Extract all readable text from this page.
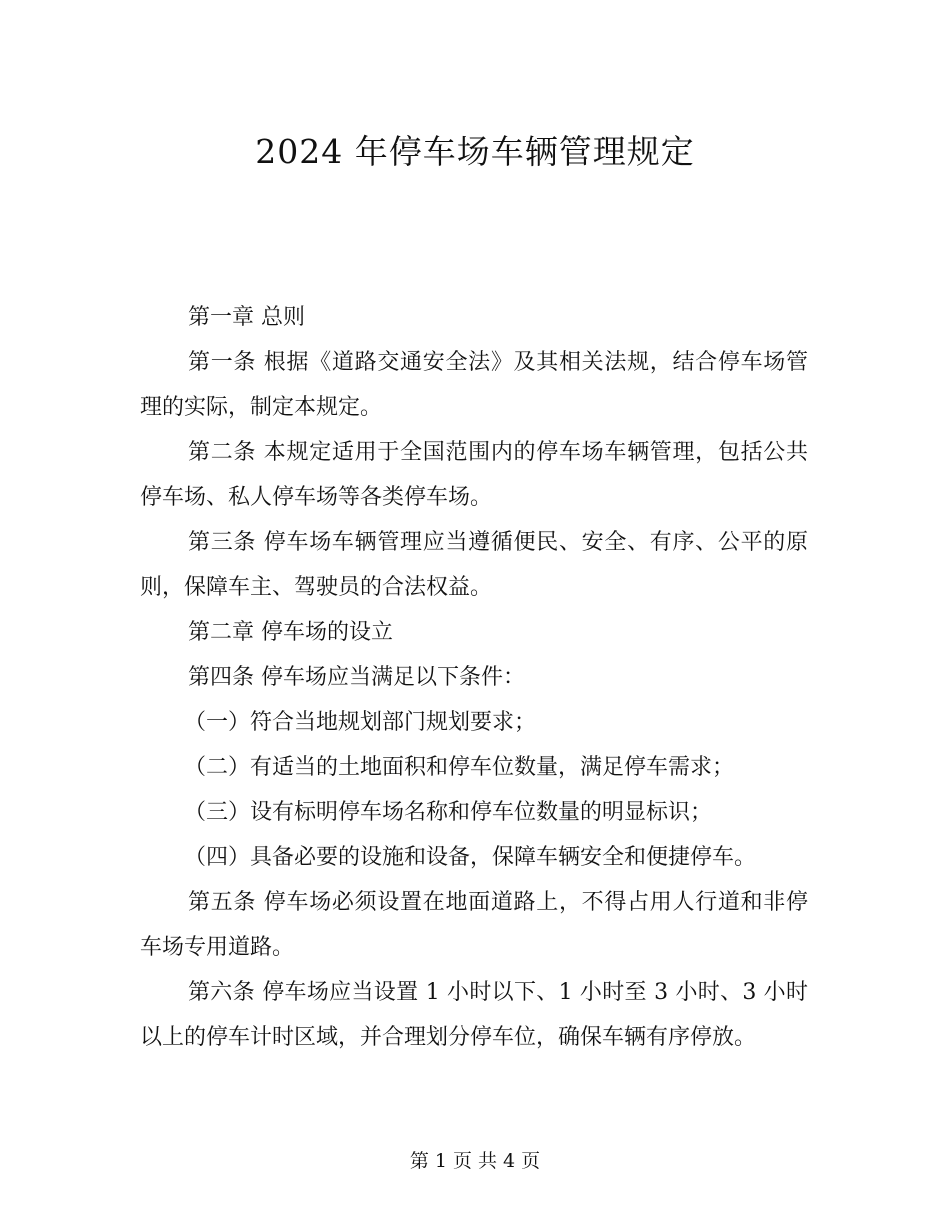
2024 年停车场车辆管理规定

第一章 总则

第一条 根据《道路交通安全法》及其相关法规，结合停车场管理的实际，制定本规定。

第二条 本规定适用于全国范围内的停车场车辆管理，包括公共停车场、私人停车场等各类停车场。

第三条 停车场车辆管理应当遵循便民、安全、有序、公平的原则，保障车主、驾驶员的合法权益。

第二章 停车场的设立

第四条 停车场应当满足以下条件：

（一）符合当地规划部门规划要求；

（二）有适当的土地面积和停车位数量，满足停车需求；

（三）设有标明停车场名称和停车位数量的明显标识；

（四）具备必要的设施和设备，保障车辆安全和便捷停车。

第五条 停车场必须设置在地面道路上，不得占用人行道和非停车场专用道路。

第六条 停车场应当设置 1 小时以下、1 小时至 3 小时、3 小时以上的停车计时区域，并合理划分停车位，确保车辆有序停放。

第 1 页 共 4 页
